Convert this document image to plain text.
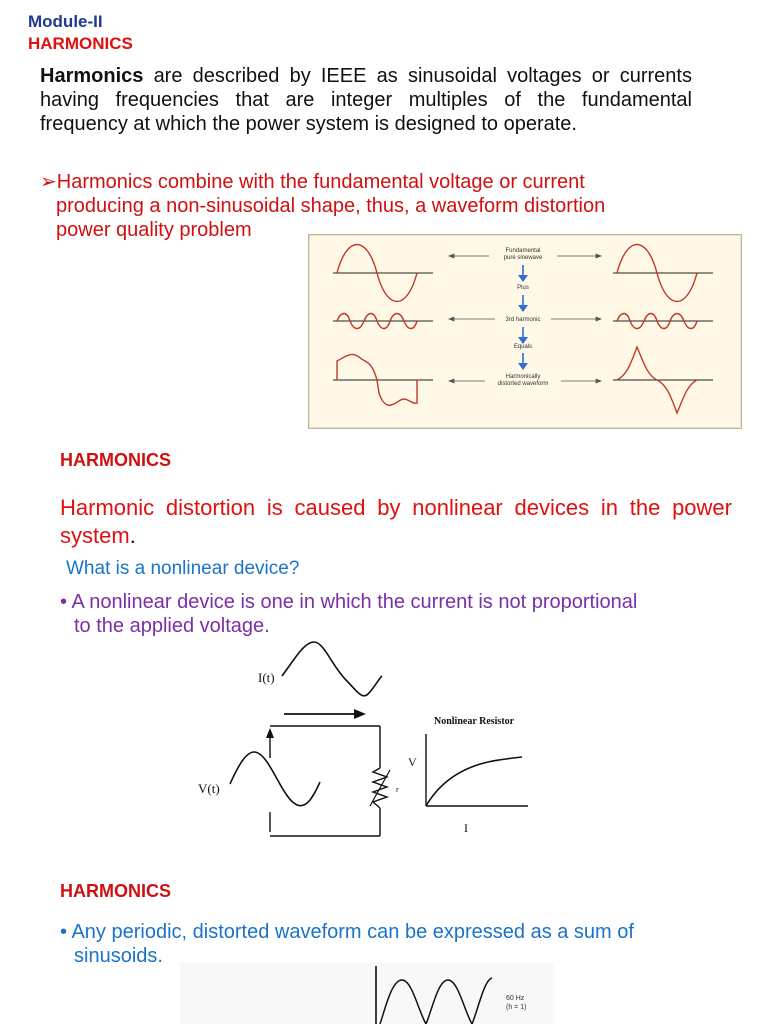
Module-II
HARMONICS
Harmonics are described by IEEE as sinusoidal voltages or currents having frequencies that are integer multiples of the fundamental frequency at which the power system is designed to operate.
➢Harmonics combine with the fundamental voltage or current
producing a non-sinusoidal shape, thus, a waveform distortion
power quality problem
Fundamental
pure sinewave
Plus
3rd harmonic
Equals
Harmonically
distorted waveform
HARMONICS
Harmonic distortion is caused by nonlinear devices in the power system.
What is a nonlinear device?
• A nonlinear device is one in which the current is not proportional
to the applied voltage.
I(t)
r
V(t)
Nonlinear Resistor
V
I
HARMONICS
• Any periodic, distorted waveform can be expressed as a sum of
sinusoids.
60 Hz
(h = 1)
